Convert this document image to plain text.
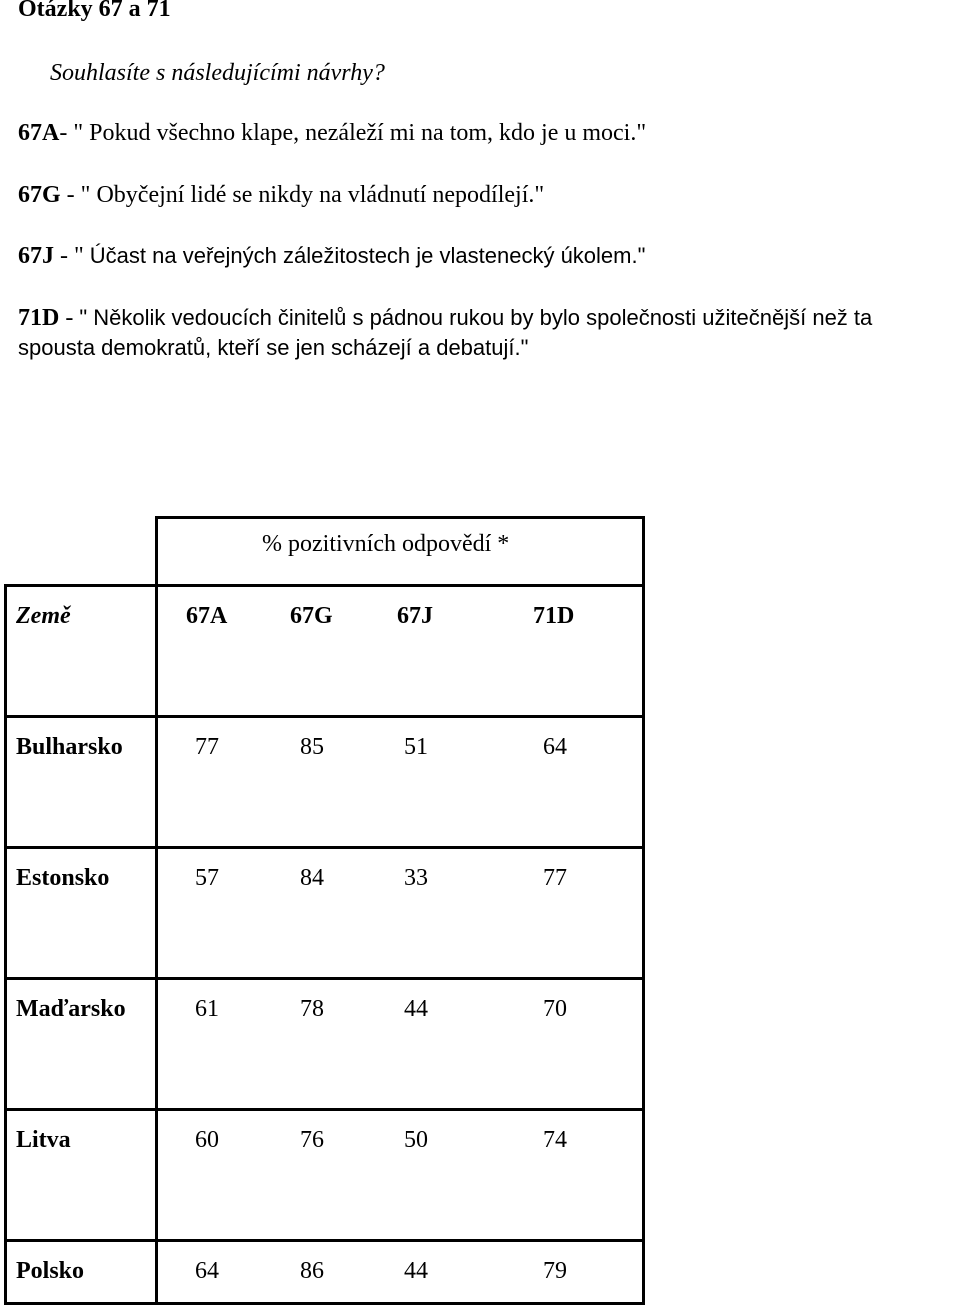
Otázky 67 a 71
Souhlasíte s následujícími návrhy?
67A- " Pokud všechno klape, nezáleží mi na tom, kdo je u moci."
67G - " Obyčejní lidé se nikdy na vládnutí nepodílejí."
67J - " Účast na veřejných záležitostech je vlastenecký úkolem."
71D - " Několik vedoucích činitelů s pádnou rukou by bylo společnosti užitečnější než ta
spousta demokratů, kteří se jen scházejí a debatují."
% pozitivních odpovědí *
Země	67A	67G	67J	71D
Bulharsko	77	85	51	64
Estonsko	57	84	33	77
Maďarsko	61	78	44	70
Litva	60	76	50	74
Polsko	64	86	44	79
